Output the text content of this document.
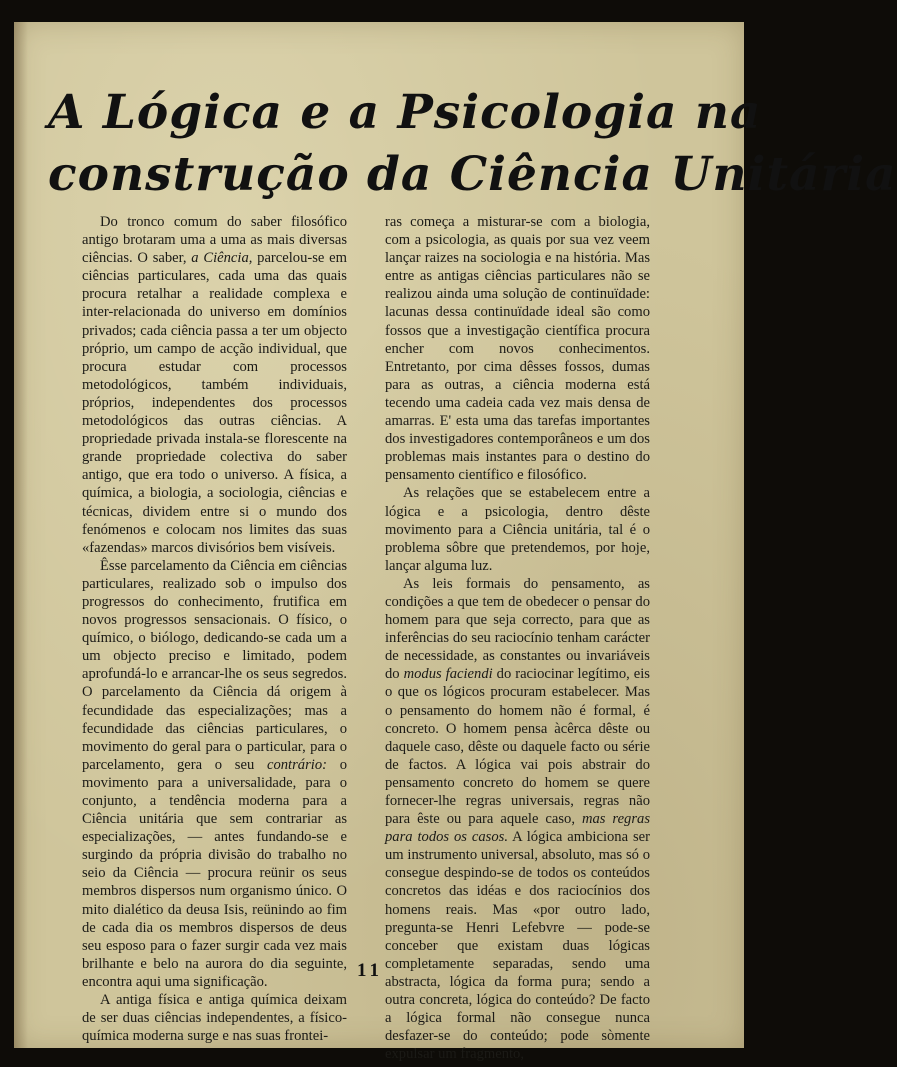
A Lógica e a Psicologia na
construção da Ciência Unitária

Do tronco comum do saber filosófico antigo brotaram uma a uma as mais diversas ciências. O saber, a Ciência, parcelou-se em ciências particulares, cada uma das quais procura retalhar a realidade complexa e inter-relacionada do universo em domínios privados; cada ciência passa a ter um objecto próprio, um campo de acção individual, que procura estudar com processos metodológicos, também individuais, próprios, independentes dos processos metodológicos das outras ciências. A propriedade privada instala-se florescente na grande propriedade colectiva do saber antigo, que era todo o universo. A física, a química, a biologia, a sociologia, ciências e técnicas, dividem entre si o mundo dos fenómenos e colocam nos limites das suas «fazendas» marcos divisórios bem visíveis.

Êsse parcelamento da Ciência em ciências particulares, realizado sob o impulso dos progressos do conhecimento, frutifica em novos progressos sensacionais. O físico, o químico, o biólogo, dedicando-se cada um a um objecto preciso e limitado, podem aprofundá-lo e arrancar-lhe os seus segredos. O parcelamento da Ciência dá origem à fecundidade das especializações; mas a fecundidade das ciências particulares, o movimento do geral para o particular, para o parcelamento, gera o seu contrário: o movimento para a universalidade, para o conjunto, a tendência moderna para a Ciência unitária que sem contrariar as especializações, — antes fundando-se e surgindo da própria divisão do trabalho no seio da Ciência — procura reünir os seus membros dispersos num organismo único. O mito dialético da deusa Isis, reünindo ao fim de cada dia os membros dispersos de deus seu esposo para o fazer surgir cada vez mais brilhante e belo na aurora do dia seguinte, encontra aqui uma significação.

A antiga física e antiga química deixam de ser duas ciências independentes, a físico-química moderna surge e nas suas frontei-

ras começa a misturar-se com a biologia, com a psicologia, as quais por sua vez veem lançar raizes na sociologia e na história. Mas entre as antigas ciências particulares não se realizou ainda uma solução de continuïdade: lacunas dessa continuïdade ideal são como fossos que a investigação científica procura encher com novos conhecimentos. Entretanto, por cima dêsses fossos, dumas para as outras, a ciência moderna está tecendo uma cadeia cada vez mais densa de amarras. E' esta uma das tarefas importantes dos investigadores contemporâneos e um dos problemas mais instantes para o destino do pensamento científico e filosófico.

As relações que se estabelecem entre a lógica e a psicologia, dentro dêste movimento para a Ciência unitária, tal é o problema sôbre que pretendemos, por hoje, lançar alguma luz.

As leis formais do pensamento, as condições a que tem de obedecer o pensar do homem para que seja correcto, para que as inferências do seu raciocínio tenham carácter de necessidade, as constantes ou invariáveis do modus faciendi do raciocinar legítimo, eis o que os lógicos procuram estabelecer. Mas o pensamento do homem não é formal, é concreto. O homem pensa àcêrca dêste ou daquele caso, dêste ou daquele facto ou série de factos. A lógica vai pois abstrair do pensamento concreto do homem se quere fornecer-lhe regras universais, regras não para êste ou para aquele caso, mas regras para todos os casos. A lógica ambiciona ser um instrumento universal, absoluto, mas só o consegue despindo-se de todos os conteúdos concretos das idéas e dos raciocínios dos homens reais. Mas «por outro lado, pregunta-se Henri Lefebvre — pode-se conceber que existam duas lógicas completamente separadas, sendo uma abstracta, lógica da forma pura; sendo a outra concreta, lógica do conteúdo? De facto a lógica formal não consegue nunca desfazer-se do conteúdo; pode sòmente expulsar um fragmento,

11
